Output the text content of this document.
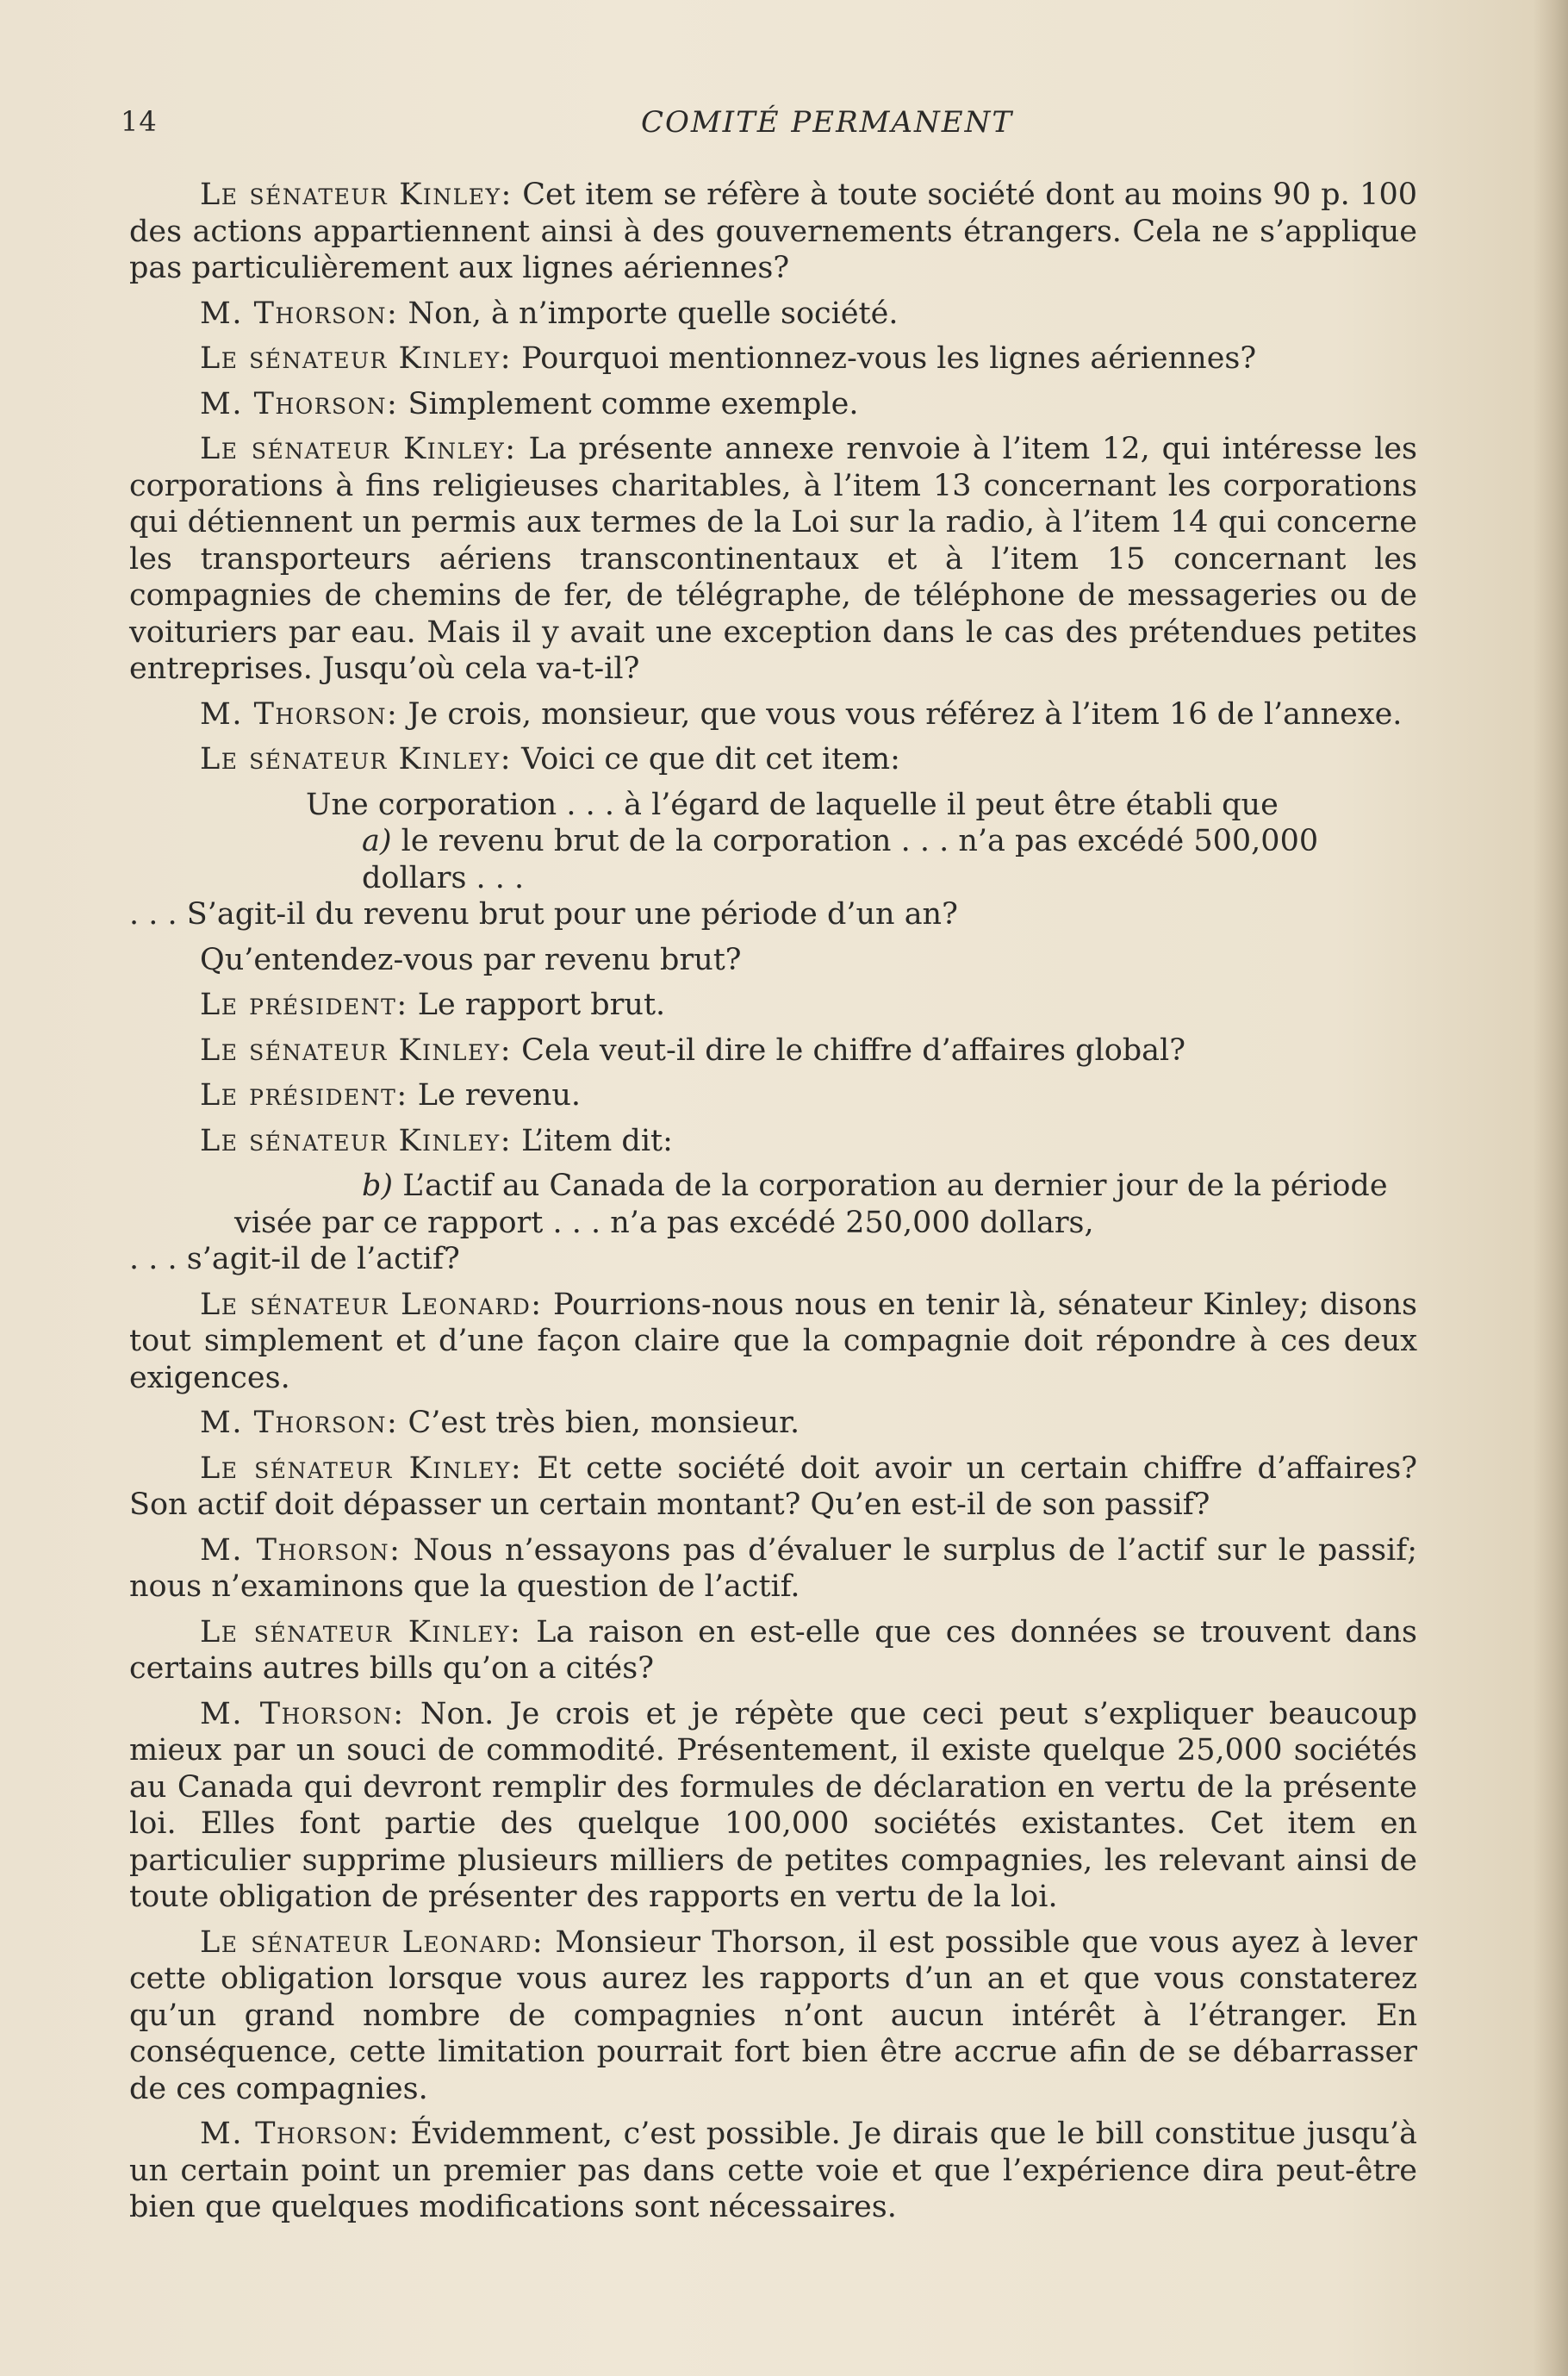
14	COMITÉ PERMANENT
Le sénateur Kinley: Cet item se réfère à toute société dont au moins 90 p. 100 des actions appartiennent ainsi à des gouvernements étrangers. Cela ne s’applique pas particulièrement aux lignes aériennes?
M. Thorson: Non, à n’importe quelle société.
Le sénateur Kinley: Pourquoi mentionnez-vous les lignes aériennes?
M. Thorson: Simplement comme exemple.
Le sénateur Kinley: La présente annexe renvoie à l’item 12, qui intéresse les corporations à fins religieuses charitables, à l’item 13 concernant les corporations qui détiennent un permis aux termes de la Loi sur la radio, à l’item 14 qui concerne les transporteurs aériens transcontinentaux et à l’item 15 concernant les compagnies de chemins de fer, de télégraphe, de téléphone de messageries ou de voituriers par eau. Mais il y avait une exception dans le cas des prétendues petites entreprises. Jusqu’où cela va-t-il?
M. Thorson: Je crois, monsieur, que vous vous référez à l’item 16 de l’annexe.
Le sénateur Kinley: Voici ce que dit cet item:
Une corporation . . . à l’égard de laquelle il peut être établi que
a) le revenu brut de la corporation . . . n’a pas excédé 500,000 dollars . . .
. . . S’agit-il du revenu brut pour une période d’un an?
Qu’entendez-vous par revenu brut?
Le président: Le rapport brut.
Le sénateur Kinley: Cela veut-il dire le chiffre d’affaires global?
Le président: Le revenu.
Le sénateur Kinley: L’item dit:
b) L’actif au Canada de la corporation au dernier jour de la période
visée par ce rapport . . . n’a pas excédé 250,000 dollars,
. . . s’agit-il de l’actif?
Le sénateur Leonard: Pourrions-nous nous en tenir là, sénateur Kinley; disons tout simplement et d’une façon claire que la compagnie doit répondre à ces deux exigences.
M. Thorson: C’est très bien, monsieur.
Le sénateur Kinley: Et cette société doit avoir un certain chiffre d’affaires? Son actif doit dépasser un certain montant? Qu’en est-il de son passif?
M. Thorson: Nous n’essayons pas d’évaluer le surplus de l’actif sur le passif; nous n’examinons que la question de l’actif.
Le sénateur Kinley: La raison en est-elle que ces données se trouvent dans certains autres bills qu’on a cités?
M. Thorson: Non. Je crois et je répète que ceci peut s’expliquer beaucoup mieux par un souci de commodité. Présentement, il existe quelque 25,000 sociétés au Canada qui devront remplir des formules de déclaration en vertu de la présente loi. Elles font partie des quelque 100,000 sociétés existantes. Cet item en particulier supprime plusieurs milliers de petites compagnies, les relevant ainsi de toute obligation de présenter des rapports en vertu de la loi.
Le sénateur Leonard: Monsieur Thorson, il est possible que vous ayez à lever cette obligation lorsque vous aurez les rapports d’un an et que vous constaterez qu’un grand nombre de compagnies n’ont aucun intérêt à l’étranger. En conséquence, cette limitation pourrait fort bien être accrue afin de se débarrasser de ces compagnies.
M. Thorson: Évidemment, c’est possible. Je dirais que le bill constitue jusqu’à un certain point un premier pas dans cette voie et que l’expérience dira peut-être bien que quelques modifications sont nécessaires.
